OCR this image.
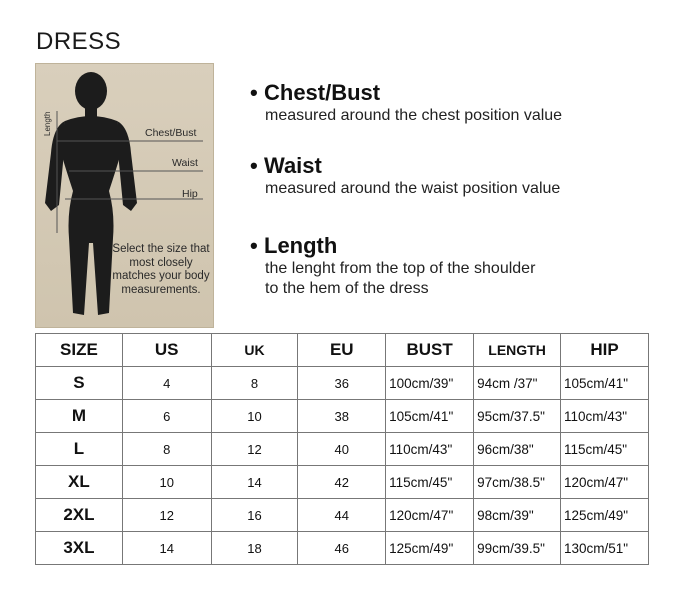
DRESS
Length	Chest/Bust
Waist
Hip
Select the size that most closely matches your body measurements.
• Chest/Bust
measured around the chest position value
• Waist
measured around the waist position value
• Length
the lenght from the top of the shoulder
to the hem of the dress
SIZE	US	UK	EU	BUST	LENGTH	HIP
S	4	8	36	100cm/39"	94cm /37"	105cm/41"
M	6	10	38	105cm/41"	95cm/37.5"	110cm/43"
L	8	12	40	110cm/43"	96cm/38"	115cm/45"
XL	10	14	42	115cm/45"	97cm/38.5"	120cm/47"
2XL	12	16	44	120cm/47"	98cm/39"	125cm/49"
3XL	14	18	46	125cm/49"	99cm/39.5"	130cm/51"
